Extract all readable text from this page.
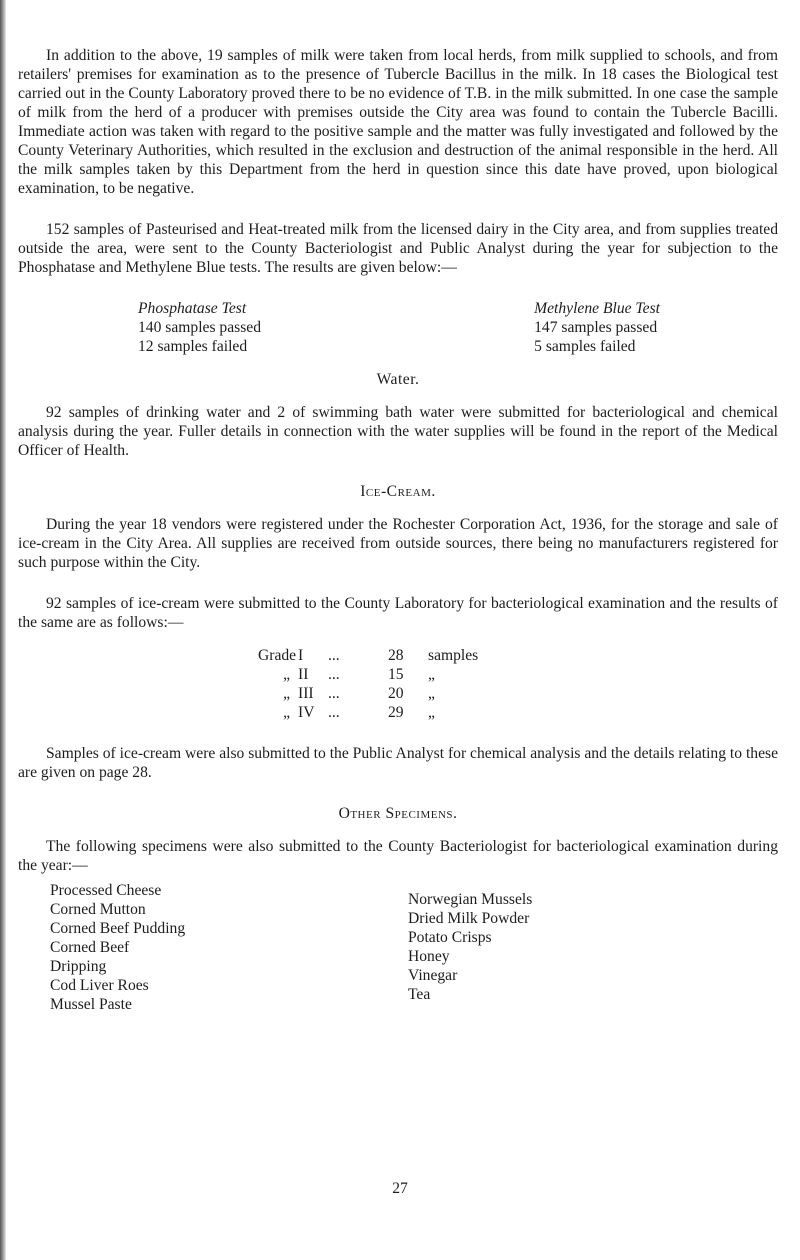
In addition to the above, 19 samples of milk were taken from local herds, from milk supplied to schools, and from retailers' premises for examination as to the presence of Tubercle Bacillus in the milk. In 18 cases the Biological test carried out in the County Laboratory proved there to be no evidence of T.B. in the milk submitted. In one case the sample of milk from the herd of a producer with premises outside the City area was found to contain the Tubercle Bacilli. Immediate action was taken with regard to the positive sample and the matter was fully investigated and followed by the County Veterinary Authorities, which resulted in the exclusion and destruction of the animal responsible in the herd. All the milk samples taken by this Department from the herd in question since this date have proved, upon biological examination, to be negative.

152 samples of Pasteurised and Heat-treated milk from the licensed dairy in the City area, and from supplies treated outside the area, were sent to the County Bacteriologist and Public Analyst during the year for subjection to the Phosphatase and Methylene Blue tests. The results are given below:—

Phosphatase Test
140 samples passed
12 samples failed
Methylene Blue Test
147 samples passed
5 samples failed

Water.

92 samples of drinking water and 2 of swimming bath water were submitted for bacteriological and chemical analysis during the year. Fuller details in connection with the water supplies will be found in the report of the Medical Officer of Health.

Ice-Cream.

During the year 18 vendors were registered under the Rochester Corporation Act, 1936, for the storage and sale of ice-cream in the City Area. All supplies are received from outside sources, there being no manufacturers registered for such purpose within the City.

92 samples of ice-cream were submitted to the County Laboratory for bacteriological examination and the results of the same are as follows:—

Grade I	...	28	samples
„ II	...	15	„
„ III ...	20	„
„ IV ...	29	„

Samples of ice-cream were also submitted to the Public Analyst for chemical analysis and the details relating to these are given on page 28.

Other Specimens.

The following specimens were also submitted to the County Bacteriologist for bacteriological examination during the year:—

Processed Cheese
Corned Mutton
Corned Beef Pudding
Corned Beef
Dripping
Cod Liver Roes
Mussel Paste
Norwegian Mussels
Dried Milk Powder
Potato Crisps
Honey
Vinegar
Tea
27
